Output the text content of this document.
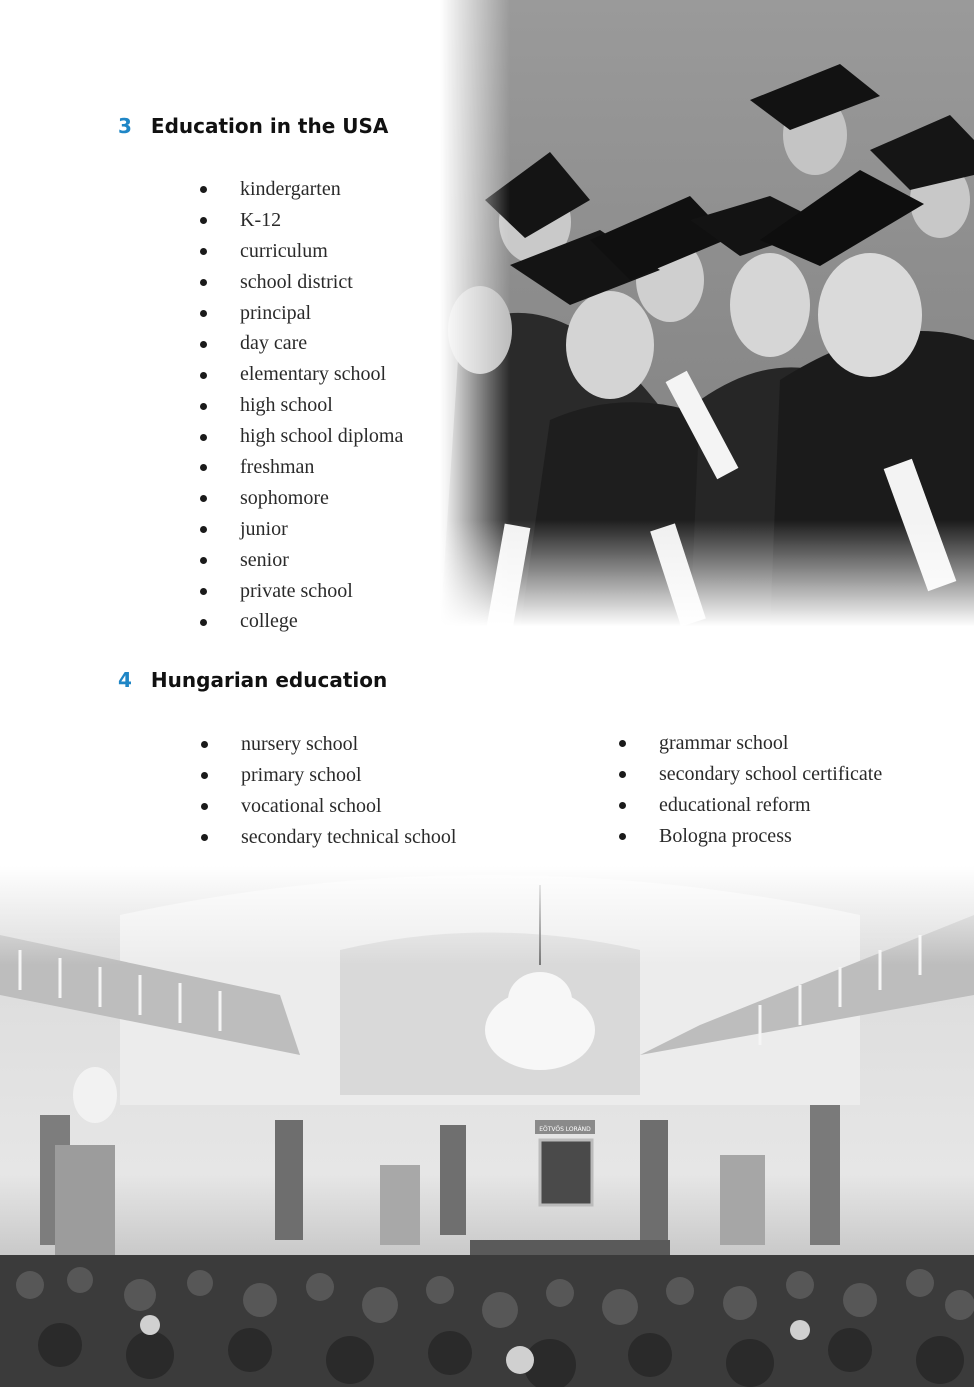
3 Education in the USA
kindergarten
K-12
curriculum
school district
principal
day care
elementary school
high school
high school diploma
freshman
sophomore
junior
senior
private school
college
4 Hungarian education
nursery school
primary school
vocational school
secondary technical school
grammar school
secondary school certificate
educational reform
Bologna process
EÖTVÖS LORÁND
